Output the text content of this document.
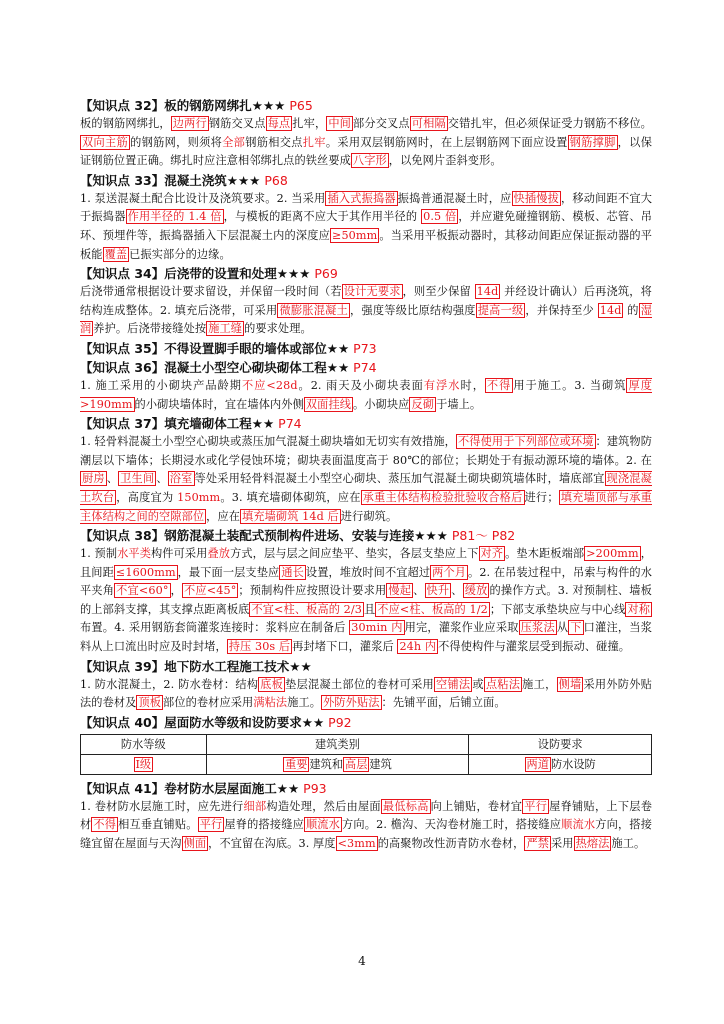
【知识点 32】板的钢筋网绑扎★★★ P65
板的钢筋网绑扎， 边两行 钢筋交叉点 每点 扎牢， 中间 部分交叉点 可相隔 交错扎牢，但必须保证受力钢筋不移位。双向主筋 的钢筋网，则须将全部钢筋相交点扎牢。采用双层钢筋网时，在上层钢筋网下面应设置 钢筋撑脚 ，以保证钢筋位置正确。绑扎时应注意相邻绑扎点的铁丝要成 八字形 ，以免网片歪斜变形。
【知识点 33】混凝土浇筑★★★ P68
1. 泵送混凝土配合比设计及浇筑要求。2. 当采用 插入式振捣器 振捣普通混凝土时，应 快插慢拔 ，移动间距不宜大于振捣器 作用半径的 1.4 倍 ，与模板的距离不应大于其作用半径的 0.5 倍 ，并应避免碰撞钢筋、模板、芯管、吊环、预埋件等，振捣器插入下层混凝土内的深度应 ≥50mm 。当采用平板振动器时，其移动间距应保证振动器的平板能 覆盖 已振实部分的边缘。
【知识点 34】后浇带的设置和处理★★★ P69
后浇带通常根据设计要求留设，并保留一段时间（若 设计无要求 ，则至少保留 14d 并经设计确认）后再浇筑，将结构连成整体。2. 填充后浇带，可采用 微膨胀混凝土 ，强度等级比原结构强度 提高一级 ，并保持至少 14d 的 湿润 养护。后浇带接缝处按 施工缝 的要求处理。
【知识点 35】不得设置脚手眼的墙体或部位★★ P73
【知识点 36】混凝土小型空心砌块砌体工程★★ P74
1. 施工采用的小砌块产品龄期不应<28d。2. 雨天及小砌块表面有浮水时， 不得 用于施工。3. 当砌筑 厚度>190mm 的小砌块墙体时，宜在墙体内外侧 双面挂线 。小砌块应 反砌 于墙上。
【知识点 37】填充墙砌体工程★★ P74
1. 轻骨料混凝土小型空心砌块或蒸压加气混凝土砌块墙如无切实有效措施， 不得使用于下列部位或环境 ：建筑物防潮层以下墙体；长期浸水或化学侵蚀环境；砌块表面温度高于 80℃的部位；长期处于有振动源环境的墙体。2. 在厨房 、 卫生间 、 浴室 等处采用轻骨料混凝土小型空心砌块、蒸压加气混凝土砌块砌筑墙体时，墙底部宜 现浇混凝土坎台 ，高度宜为 150mm。3. 填充墙砌体砌筑，应在 承重主体结构检验批验收合格后 进行； 填充墙顶部与承重主体结构之间的空隙部位 ，应在 填充墙砌筑 14d 后 进行砌筑。
【知识点 38】钢筋混凝土装配式预制构件进场、安装与连接★★★ P81～ P82
1. 预制水平类构件可采用叠放方式，层与层之间应垫平、垫实，各层支垫应上下 对齐 。垫木距板端部 >200mm ，且间距 ≤1600mm ，最下面一层支垫应 通长 设置，堆放时间不宜超过 两个月 。2. 在吊装过程中，吊索与构件的水平夹角 不宜<60° ， 不应<45° ；预制构件应按照设计要求用 慢起 、 快升 、 缓放 的操作方式。3. 对预制柱、墙板的上部斜支撑，其支撑点距离板底 不宜<柱、板高的 2/3 且 不应<柱、板高的 1/2 ；下部支承垫块应与中心线 对称布置。4. 采用钢筋套筒灌浆连接时：浆料应在制备后 30min 内 用完，灌浆作业应采取 压浆法 从 下 口灌注，当浆料从上口流出时应及时封堵， 持压 30s 后 再封堵下口，灌浆后 24h 内 不得使构件与灌浆层受到振动、碰撞。
【知识点 39】地下防水工程施工技术★★
1. 防水混凝土，2. 防水卷材：结构 底板 垫层混凝土部位的卷材可采用 空铺法 或 点粘法 施工， 侧墙 采用外防外贴法的卷材及 顶板 部位的卷材应采用满粘法施工。 外防外贴法 ：先铺平面，后铺立面。
【知识点 40】屋面防水等级和设防要求★★ P92
防水等级	建筑类别	设防要求
Ⅰ级	重要 建筑和 高层 建筑	两道 防水设防
【知识点 41】卷材防水层屋面施工★★ P93
1. 卷材防水层施工时，应先进行细部构造处理，然后由屋面 最低标高 向上铺贴，卷材宜 平行 屋脊铺贴，上下层卷材 不得 相互垂直铺贴。 平行 屋脊的搭接缝应 顺流水 方向。2. 檐沟、天沟卷材施工时，搭接缝应顺流水方向，搭接缝宜留在屋面与天沟 侧面 ，不宜留在沟底。3. 厚度 <3mm 的高聚物改性沥青防水卷材， 严禁 采用 热熔法 施工。
4
